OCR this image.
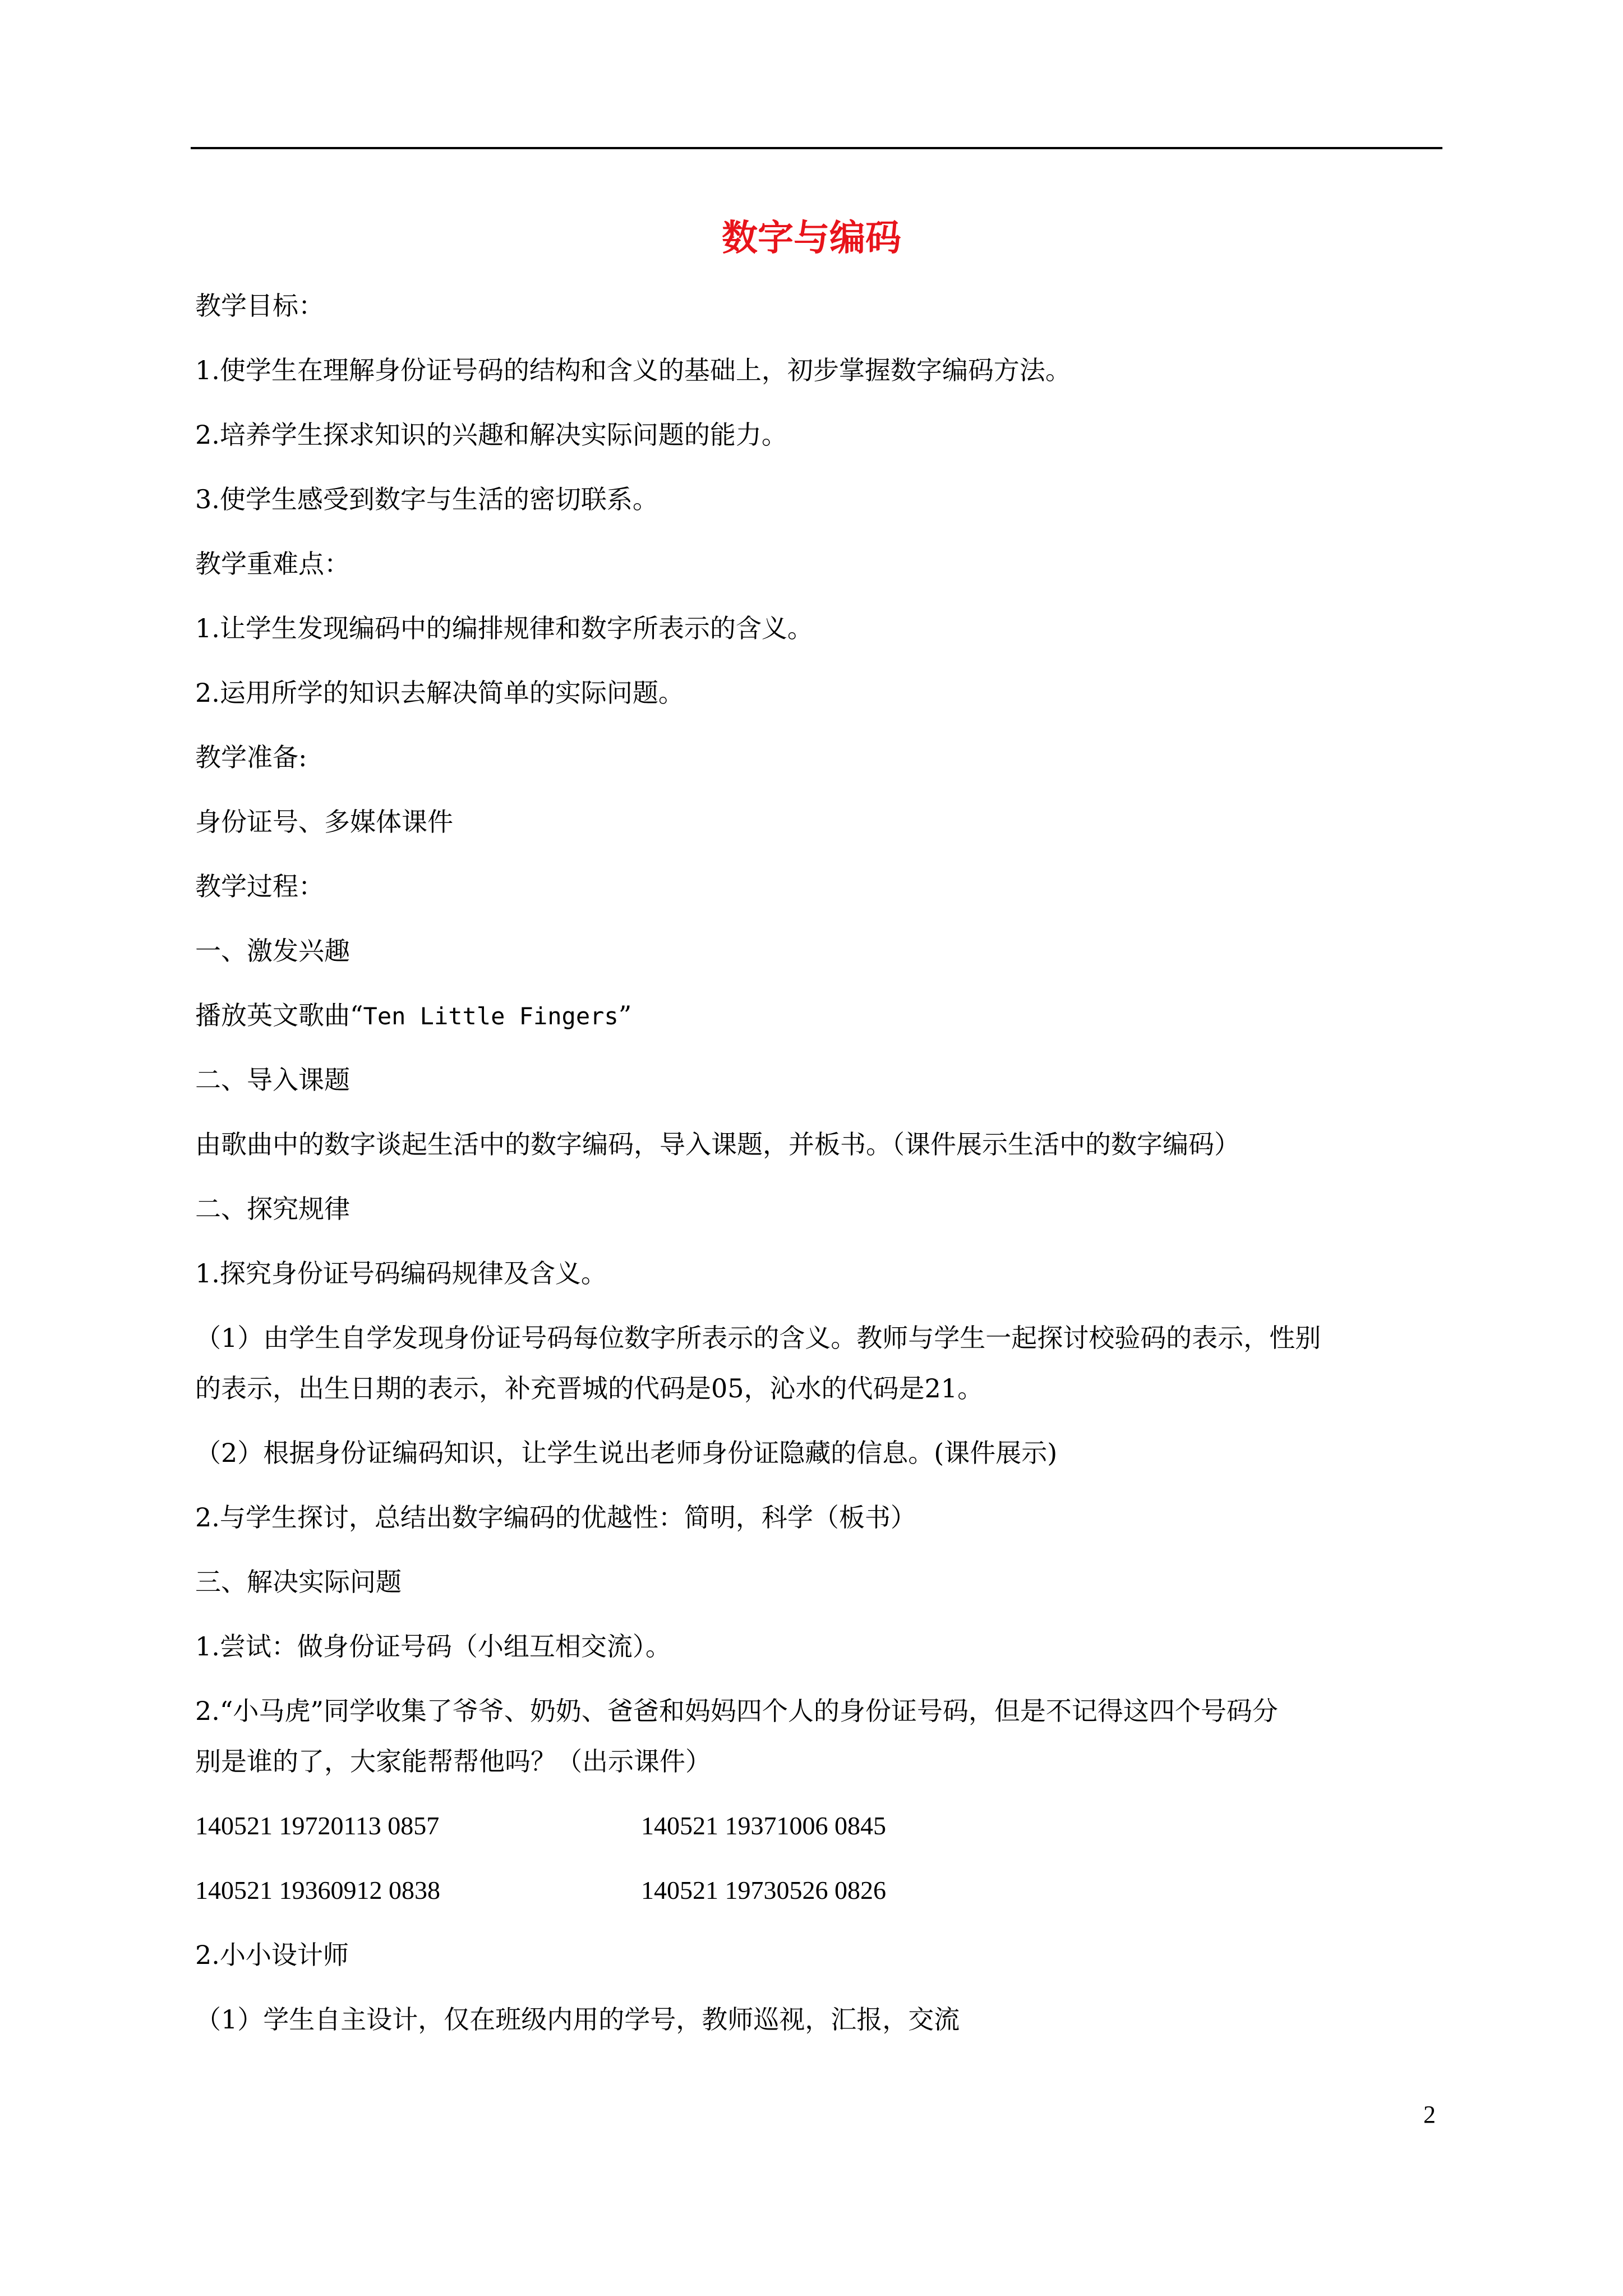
数字与编码
教学目标：
1.使学生在理解身份证号码的结构和含义的基础上，初步掌握数字编码方法。
2.培养学生探求知识的兴趣和解决实际问题的能力。
3.使学生感受到数字与生活的密切联系。
教学重难点：
1.让学生发现编码中的编排规律和数字所表示的含义。
2.运用所学的知识去解决简单的实际问题。
教学准备:
身份证号、多媒体课件
教学过程：
一、激发兴趣
播放英文歌曲“Ten Little Fingers”
二、导入课题
由歌曲中的数字谈起生活中的数字编码，导入课题，并板书。（课件展示生活中的数字编码）
二、探究规律
1.探究身份证号码编码规律及含义。
（1）由学生自学发现身份证号码每位数字所表示的含义。教师与学生一起探讨校验码的表示，性别
的表示，出生日期的表示，补充晋城的代码是05，沁水的代码是21。
（2）根据身份证编码知识，让学生说出老师身份证隐藏的信息。(课件展示)
2.与学生探讨，总结出数字编码的优越性：简明，科学（板书）
三、解决实际问题
1.尝试：做身份证号码（小组互相交流）。
2.“小马虎”同学收集了爷爷、奶奶、爸爸和妈妈四个人的身份证号码，但是不记得这四个号码分
别是谁的了，大家能帮帮他吗？（出示课件）
140521 19720113 0857	140521 19371006 0845
140521 19360912 0838	140521 19730526 0826
2.小小设计师
（1）学生自主设计，仅在班级内用的学号，教师巡视，汇报，交流
2
